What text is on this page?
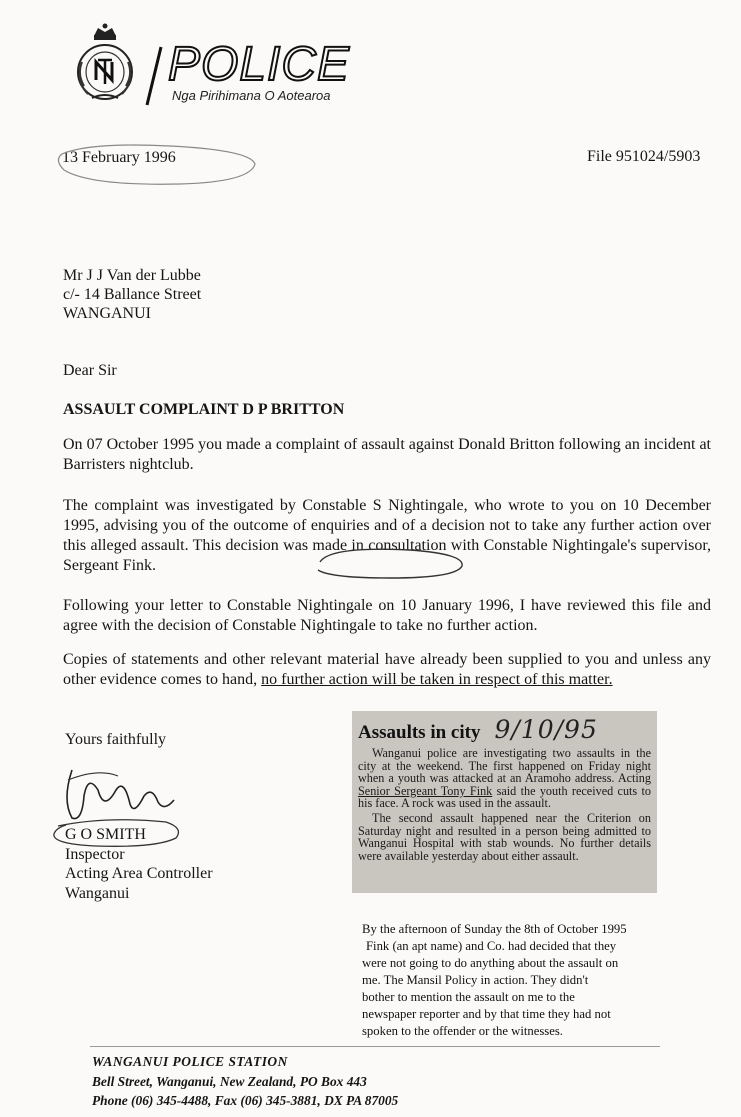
POLICE
Nga Pirihimana O Aotearoa
13 February 1996	File 951024/5903
Mr J J Van der Lubbe
c/- 14 Ballance Street
WANGANUI
Dear Sir
ASSAULT COMPLAINT D P BRITTON
On 07 October 1995 you made a complaint of assault against Donald Britton following an incident at Barristers nightclub.
The complaint was investigated by Constable S Nightingale, who wrote to you on 10 December 1995, advising you of the outcome of enquiries and of a decision not to take any further action over this alleged assault. This decision was made in consultation with Constable Nightingale's supervisor, Sergeant Fink.
Following your letter to Constable Nightingale on 10 January 1996, I have reviewed this file and agree with the decision of Constable Nightingale to take no further action.
Copies of statements and other relevant material have already been supplied to you and unless any other evidence comes to hand, no further action will be taken in respect of this matter.
Yours faithfully
G O SMITH
Inspector
Acting Area Controller
Wanganui
Assaults in city 9/10/95
Wanganui police are investigating two assaults in the city at the weekend. The first happened on Friday night when a youth was attacked at an Aramoho address. Acting Senior Sergeant Tony Fink said the youth received cuts to his face. A rock was used in the assault.
The second assault happened near the Criterion on Saturday night and resulted in a person being admitted to Wanganui Hospital with stab wounds. No further details were available yesterday about either assault.
By the afternoon of Sunday the 8th of October 1995
Fink (an apt name) and Co. had decided that they
were not going to do anything about the assault on
me. The Mansil Policy in action. They didn't
bother to mention the assault on me to the
newspaper reporter and by that time they had not
spoken to the offender or the witnesses.
WANGANUI POLICE STATION
Bell Street, Wanganui, New Zealand, PO Box 443
Phone (06) 345-4488, Fax (06) 345-3881, DX PA 87005
